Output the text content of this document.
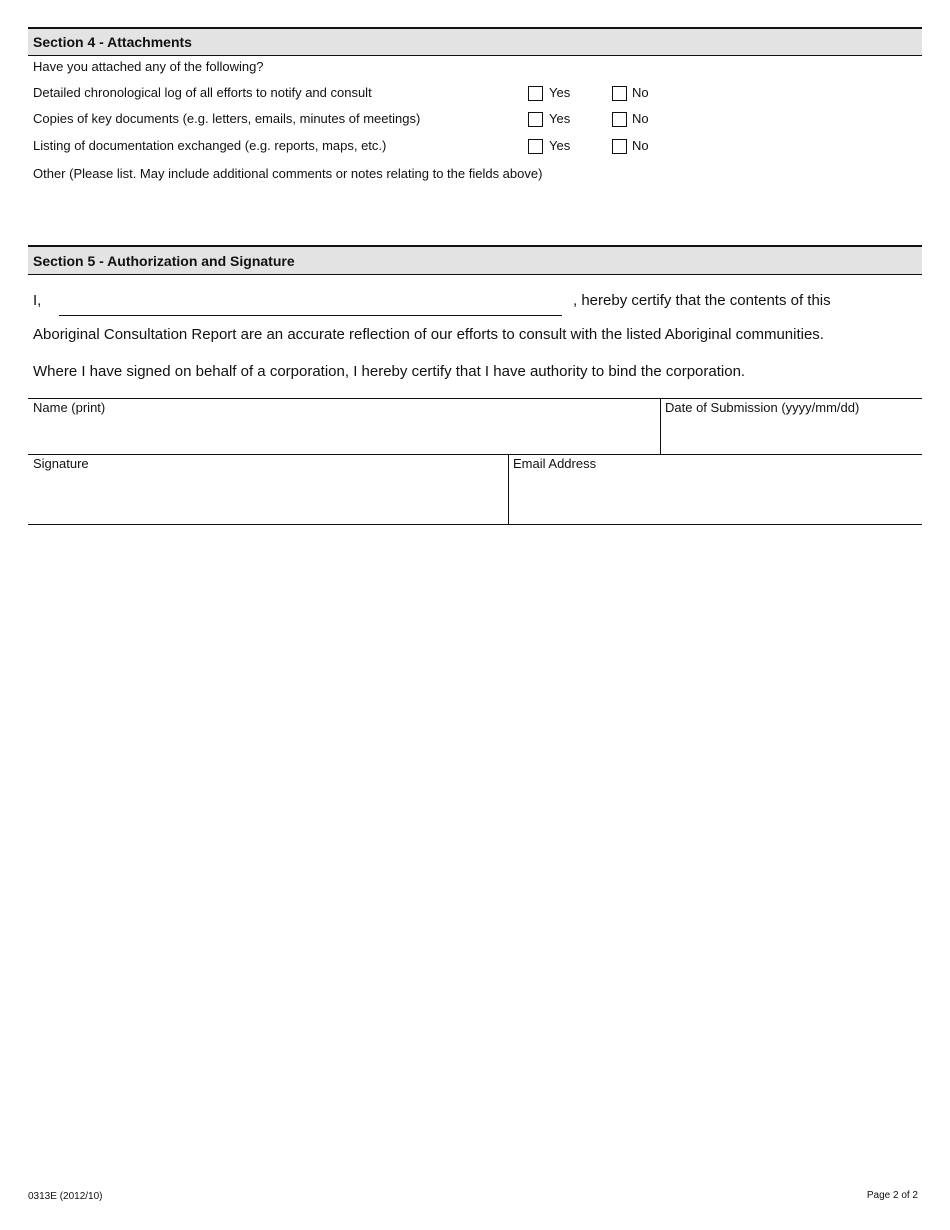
Section 4 - Attachments
Have you attached any of the following?
Detailed chronological log of all efforts to notify and consult	Yes	No
Copies of key documents (e.g. letters, emails, minutes of meetings)	Yes	No
Listing of documentation exchanged (e.g. reports, maps, etc.)	Yes	No
Other (Please list. May include additional comments or notes relating to the fields above)
Section 5 - Authorization and Signature
I,	, hereby certify that the contents of this
Aboriginal Consultation Report are an accurate reflection of our efforts to consult with the listed Aboriginal communities.
Where I have signed on behalf of a corporation, I hereby certify that I have authority to bind the corporation.
Name (print)	Date of Submission (yyyy/mm/dd)
Signature	Email Address
0313E (2012/10)	Page 2 of 2
